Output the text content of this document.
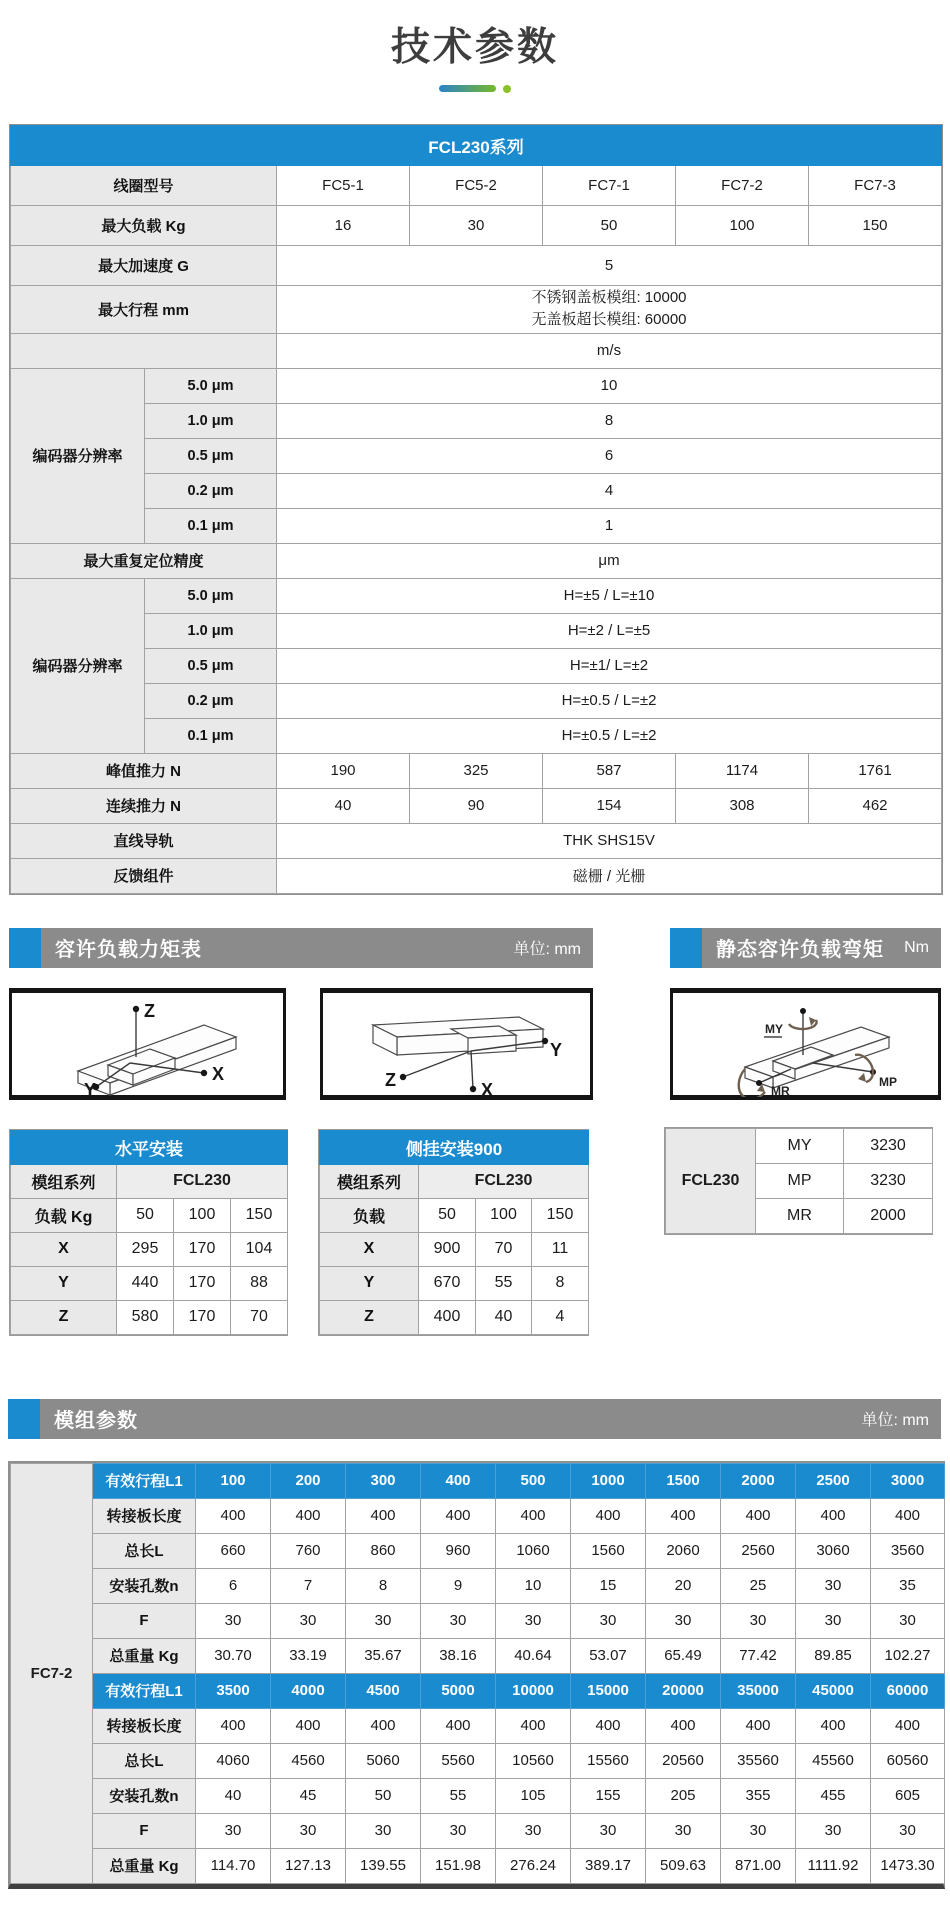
技术参数
FCL230系列						
线圈型号		FC5-1	FC5-2	FC7-1	FC7-2	FC7-3
最大负载 Kg		16	30	50	100	150
最大加速度 G		5				
最大行程 mm		不锈钢盖板模组: 10000
无盖板超长模组: 60000				

		m/s				
编码器分辨率	5.0 μm	10				
	1.0 μm	8				
	0.5 μm	6				
	0.2 μm	4				
	0.1 μm	1				
最大重复定位精度		μm				
编码器分辨率	5.0 μm	H=±5 / L=±10				
	1.0 μm	H=±2 / L=±5				
	0.5 μm	H=±1/ L=±2				
	0.2 μm	H=±0.5 / L=±2				
	0.1 μm	H=±0.5 / L=±2				
峰值推力 N		190	325	587	1174	1761
连续推力 N		40	90	154	308	462
直线导轨		THK SHS15V				
反馈组件		磁栅 / 光栅				
容许负载力矩表	单位: mm	静态容许负载弯矩 Nm
Z
X
Y	Z
Y
X
MY
MP
MR
水平安装			
模组系列	FCL230		
负载 Kg	50	100	150
X	295	170	104
Y	440	170	88
Z	580	170	70
侧挂安装900			
模组系列	FCL230		
负载	50	100	150
X	900	70	11
Y	670	55	8
Z	400	40	4
FCL230	MY	3230
	MP	3230
	MR	2000
模组参数	单位: mm
FC7-2	有效行程L1	100	200	300	400	500	1000	1500	2000	2500	3000
	转接板长度	400	400	400	400	400	400	400	400	400	400
	总长L	660	760	860	960	1060	1560	2060	2560	3060	3560
	安装孔数n	6	7	8	9	10	15	20	25	30	35
	F	30	30	30	30	30	30	30	30	30	30
	总重量 Kg	30.70	33.19	35.67	38.16	40.64	53.07	65.49	77.42	89.85	102.27
	有效行程L1	3500	4000	4500	5000	10000	15000	20000	35000	45000	60000
	转接板长度	400	400	400	400	400	400	400	400	400	400
	总长L	4060	4560	5060	5560	10560	15560	20560	35560	45560	60560
	安装孔数n	40	45	50	55	105	155	205	355	455	605
	F	30	30	30	30	30	30	30	30	30	30
	总重量 Kg	114.70	127.13	139.55	151.98	276.24	389.17	509.63	871.00	1111.92	1473.30
